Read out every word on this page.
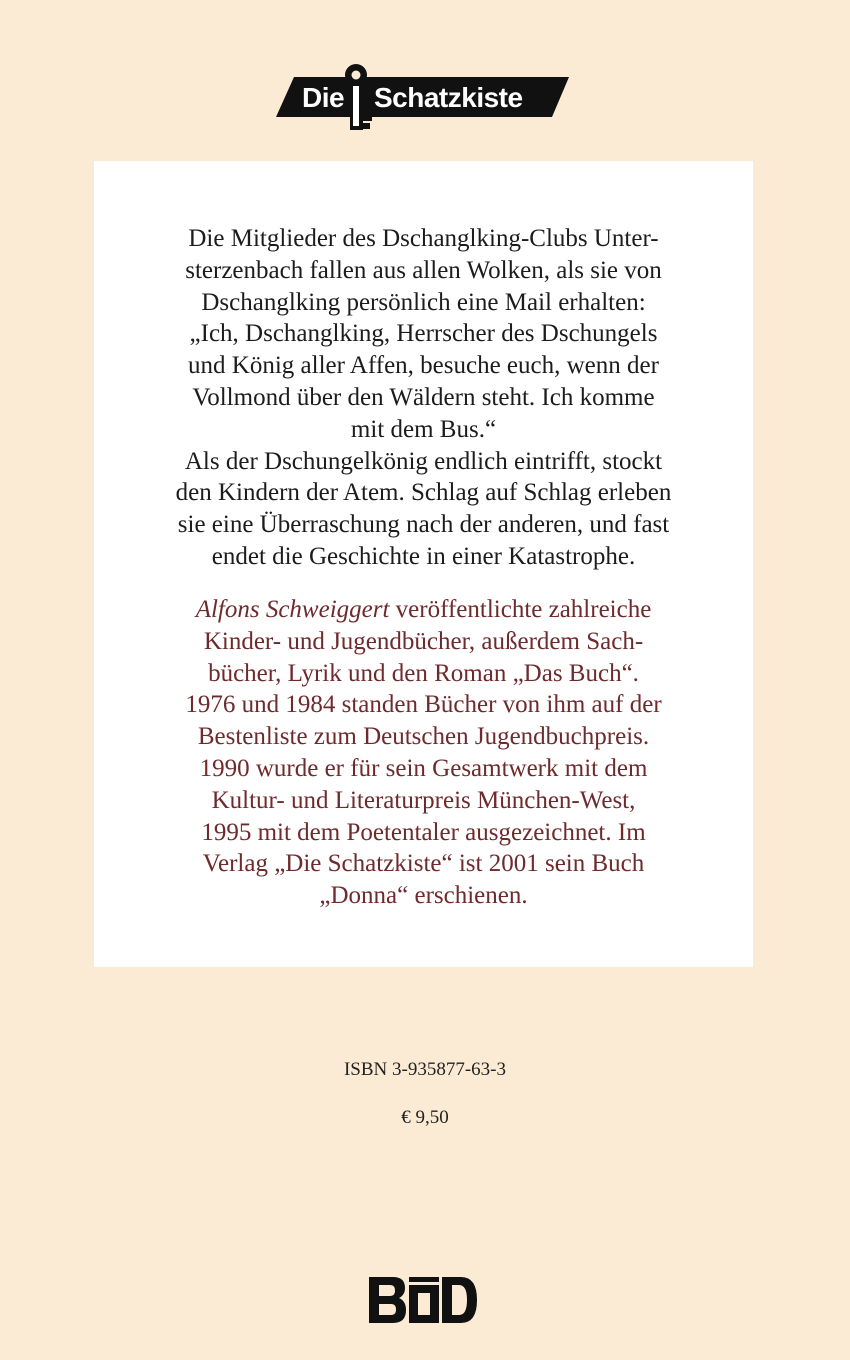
Die Schatzkiste
Die Mitglieder des Dschanglking-Clubs Unter-
sterzenbach fallen aus allen Wolken, als sie von
Dschanglking persönlich eine Mail erhalten:
„Ich, Dschanglking, Herrscher des Dschungels
und König aller Affen, besuche euch, wenn der
Vollmond über den Wäldern steht. Ich komme
mit dem Bus.“
Als der Dschungelkönig endlich eintrifft, stockt
den Kindern der Atem. Schlag auf Schlag erleben
sie eine Überraschung nach der anderen, und fast
endet die Geschichte in einer Katastrophe.
Alfons Schweiggert veröffentlichte zahlreiche
Kinder- und Jugendbücher, außerdem Sach-
bücher, Lyrik und den Roman „Das Buch“.
1976 und 1984 standen Bücher von ihm auf der
Bestenliste zum Deutschen Jugendbuchpreis.
1990 wurde er für sein Gesamtwerk mit dem
Kultur- und Literaturpreis München-West,
1995 mit dem Poetentaler ausgezeichnet. Im
Verlag „Die Schatzkiste“ ist 2001 sein Buch
„Donna“ erschienen.
ISBN 3-935877-63-3
€ 9,50
